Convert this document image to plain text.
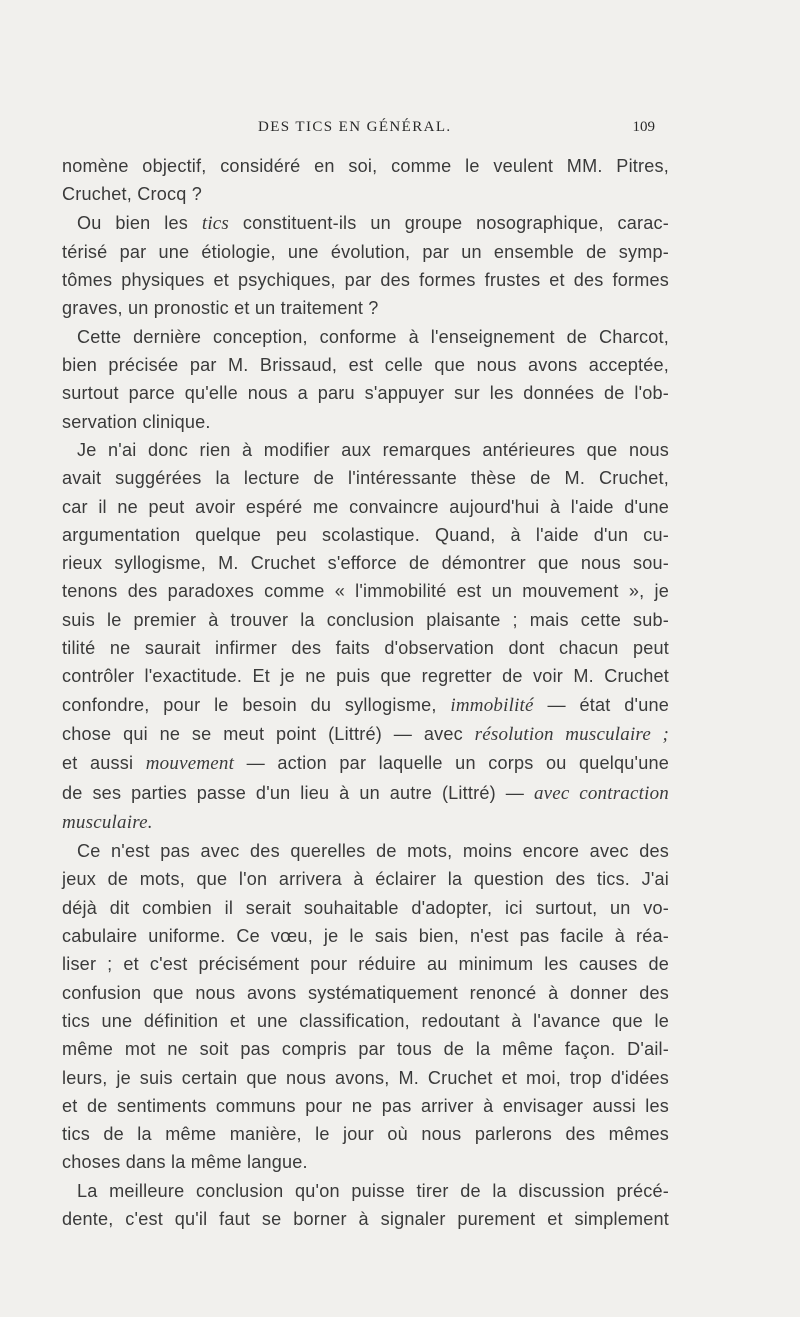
DES TICS EN GÉNÉRAL.	109
nomène objectif, considéré en soi, comme le veulent MM. Pitres,
Cruchet, Crocq ?
Ou bien les tics constituent-ils un groupe nosographique, carac-
térisé par une étiologie, une évolution, par un ensemble de symp-
tômes physiques et psychiques, par des formes frustes et des formes
graves, un pronostic et un traitement ?
Cette dernière conception, conforme à l'enseignement de Charcot,
bien précisée par M. Brissaud, est celle que nous avons acceptée,
surtout parce qu'elle nous a paru s'appuyer sur les données de l'ob-
servation clinique.
Je n'ai donc rien à modifier aux remarques antérieures que nous
avait suggérées la lecture de l'intéressante thèse de M. Cruchet,
car il ne peut avoir espéré me convaincre aujourd'hui à l'aide d'une
argumentation quelque peu scolastique. Quand, à l'aide d'un cu-
rieux syllogisme, M. Cruchet s'efforce de démontrer que nous sou-
tenons des paradoxes comme « l'immobilité est un mouvement », je
suis le premier à trouver la conclusion plaisante ; mais cette sub-
tilité ne saurait infirmer des faits d'observation dont chacun peut
contrôler l'exactitude. Et je ne puis que regretter de voir M. Cruchet
confondre, pour le besoin du syllogisme, immobilité — état d'une
chose qui ne se meut point (Littré) — avec résolution musculaire ;
et aussi mouvement — action par laquelle un corps ou quelqu'une
de ses parties passe d'un lieu à un autre (Littré) — avec contraction
musculaire.
Ce n'est pas avec des querelles de mots, moins encore avec des
jeux de mots, que l'on arrivera à éclairer la question des tics. J'ai
déjà dit combien il serait souhaitable d'adopter, ici surtout, un vo-
cabulaire uniforme. Ce vœu, je le sais bien, n'est pas facile à réa-
liser ; et c'est précisément pour réduire au minimum les causes de
confusion que nous avons systématiquement renoncé à donner des
tics une définition et une classification, redoutant à l'avance que le
même mot ne soit pas compris par tous de la même façon. D'ail-
leurs, je suis certain que nous avons, M. Cruchet et moi, trop d'idées
et de sentiments communs pour ne pas arriver à envisager aussi les
tics de la même manière, le jour où nous parlerons des mêmes
choses dans la même langue.
La meilleure conclusion qu'on puisse tirer de la discussion précé-
dente, c'est qu'il faut se borner à signaler purement et simplement
